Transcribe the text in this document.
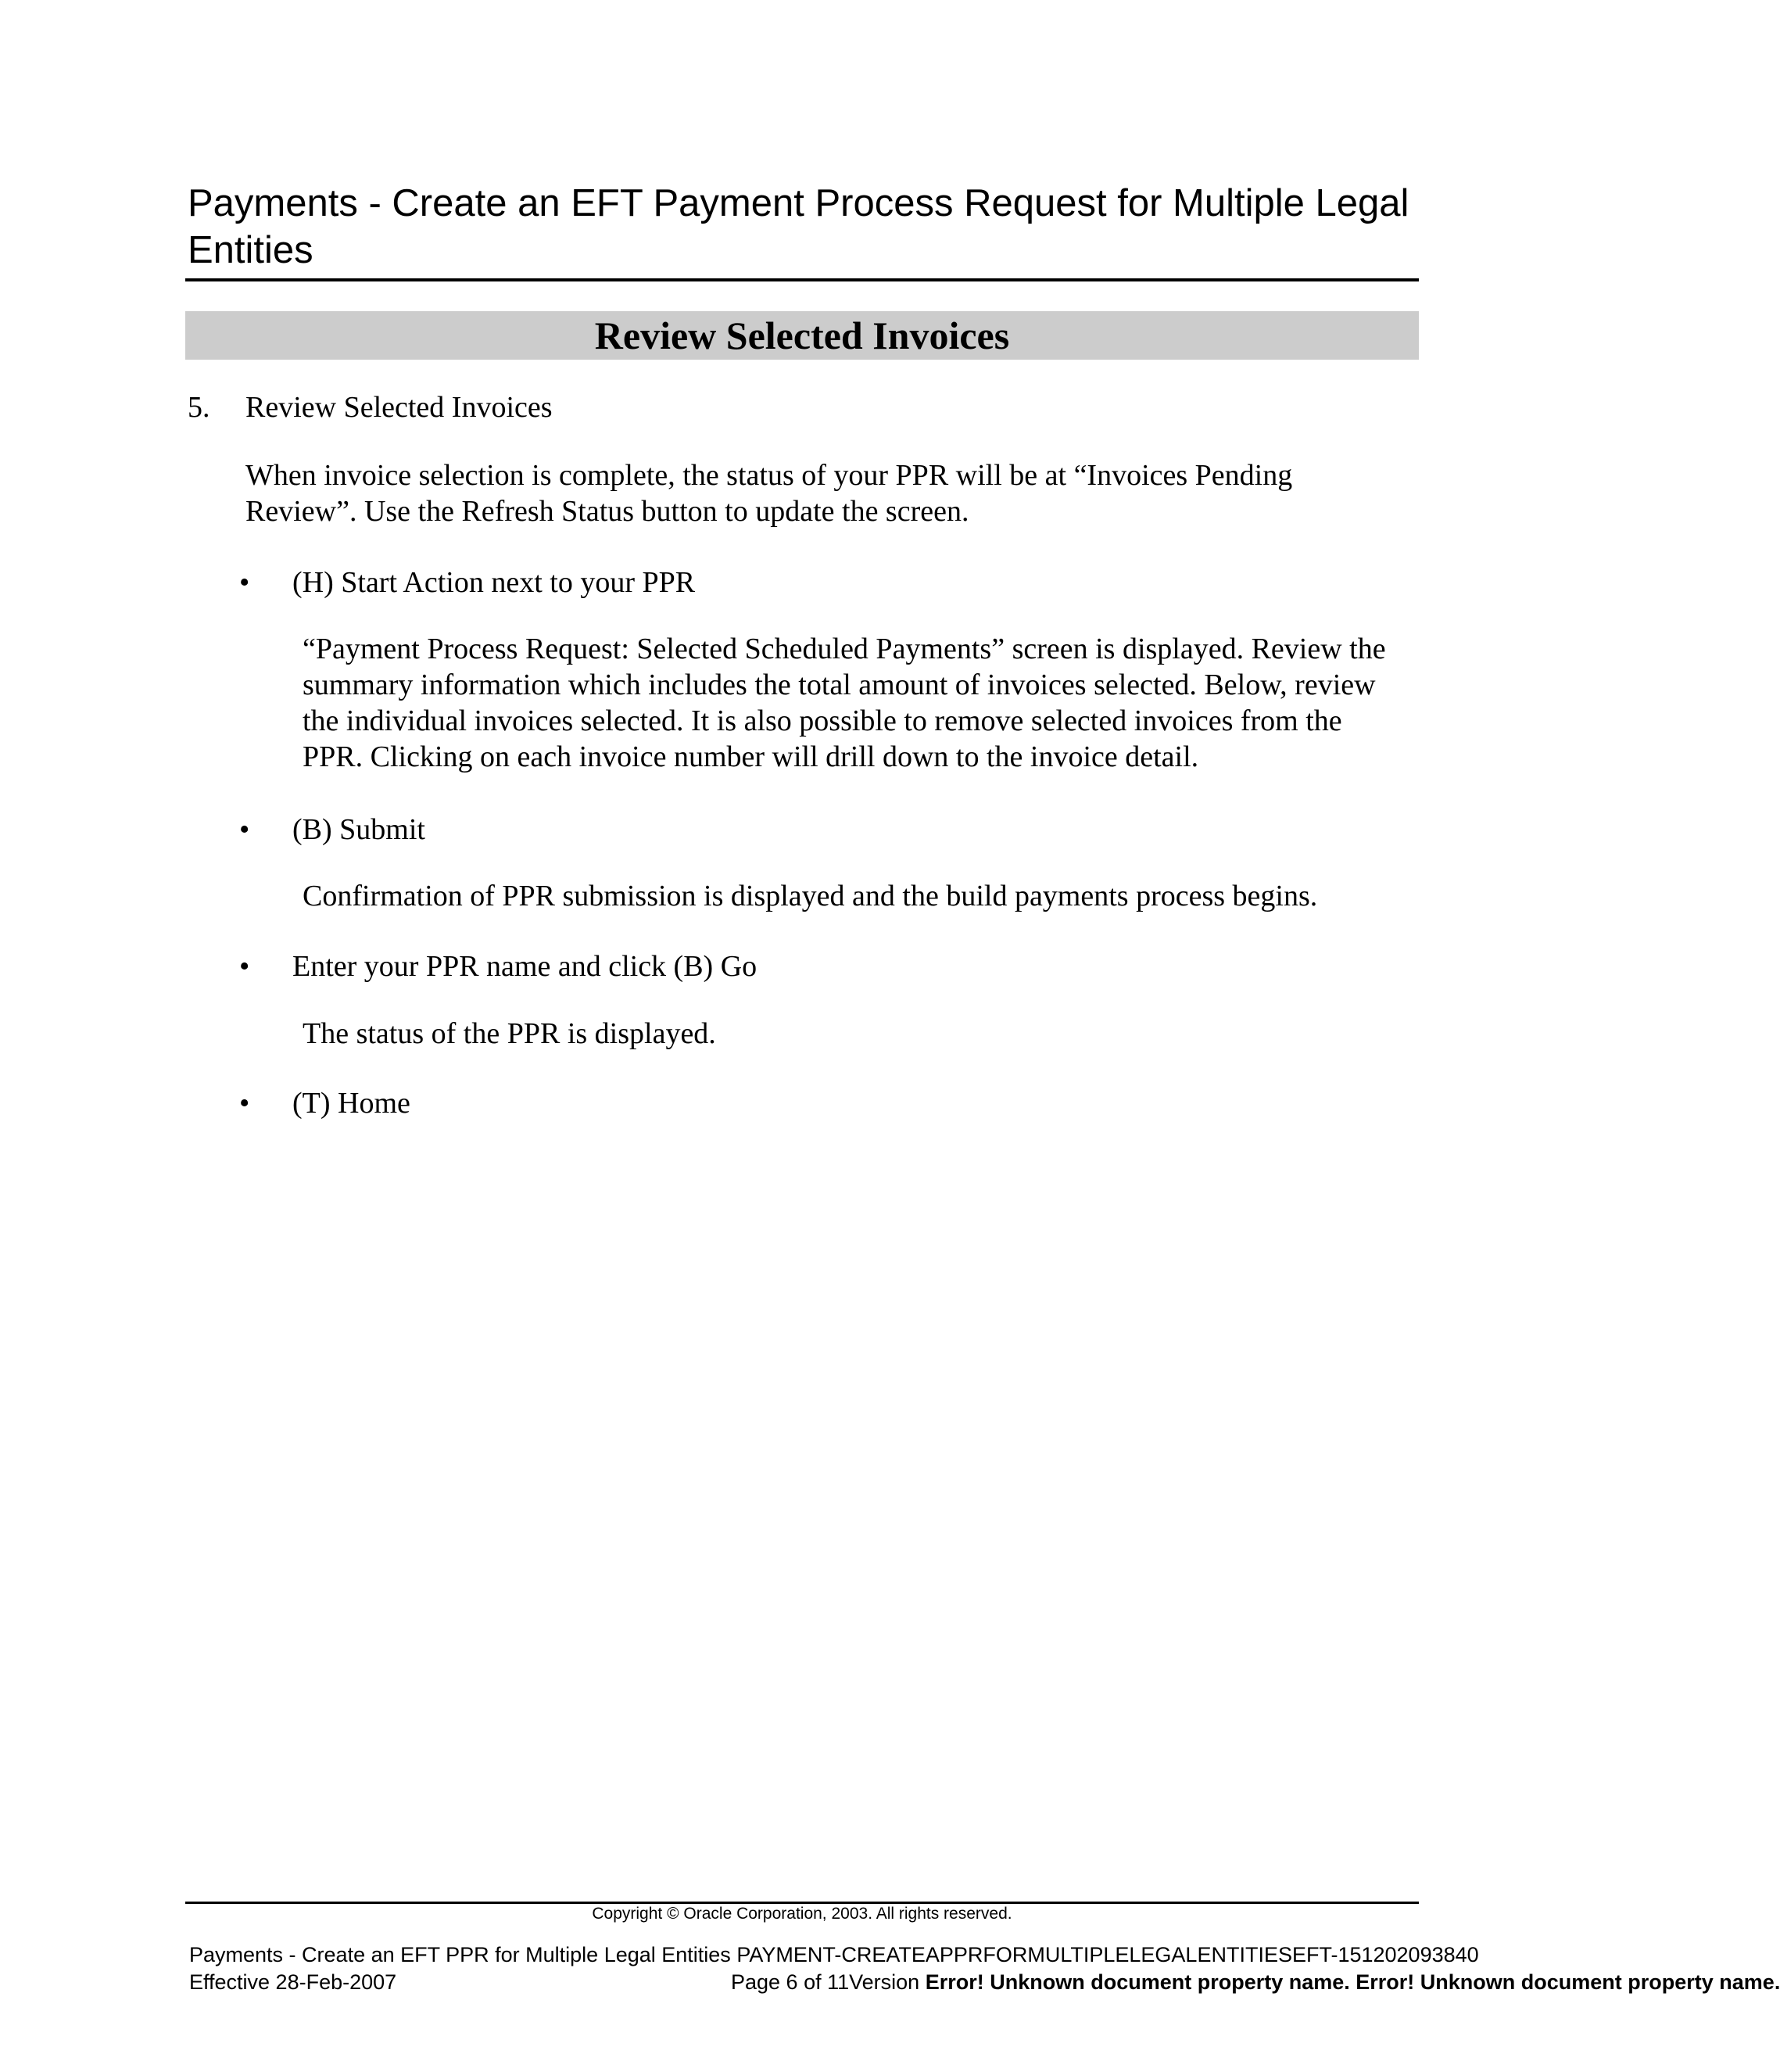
Payments - Create an EFT Payment Process Request for Multiple Legal Entities
Review Selected Invoices
5. Review Selected Invoices

When invoice selection is complete, the status of your PPR will be at “Invoices Pending Review”. Use the Refresh Status button to update the screen.

•	(H) Start Action next to your PPR

“Payment Process Request: Selected Scheduled Payments” screen is displayed. Review the summary information which includes the total amount of invoices selected. Below, review the individual invoices selected. It is also possible to remove selected invoices from the PPR. Clicking on each invoice number will drill down to the invoice detail.

•	(B) Submit

Confirmation of PPR submission is displayed and the build payments process begins.

•	Enter your PPR name and click (B) Go

The status of the PPR is displayed.

•	(T) Home
Copyright © Oracle Corporation, 2003. All rights reserved.
Payments - Create an EFT PPR for Multiple Legal Entities PAYMENT-CREATEAPPRFORMULTIPLELEGALENTITIESEFT-151202093840
Effective 28-Feb-2007	Page 6 of 11Version Error! Unknown document property name. Error! Unknown document property name.
